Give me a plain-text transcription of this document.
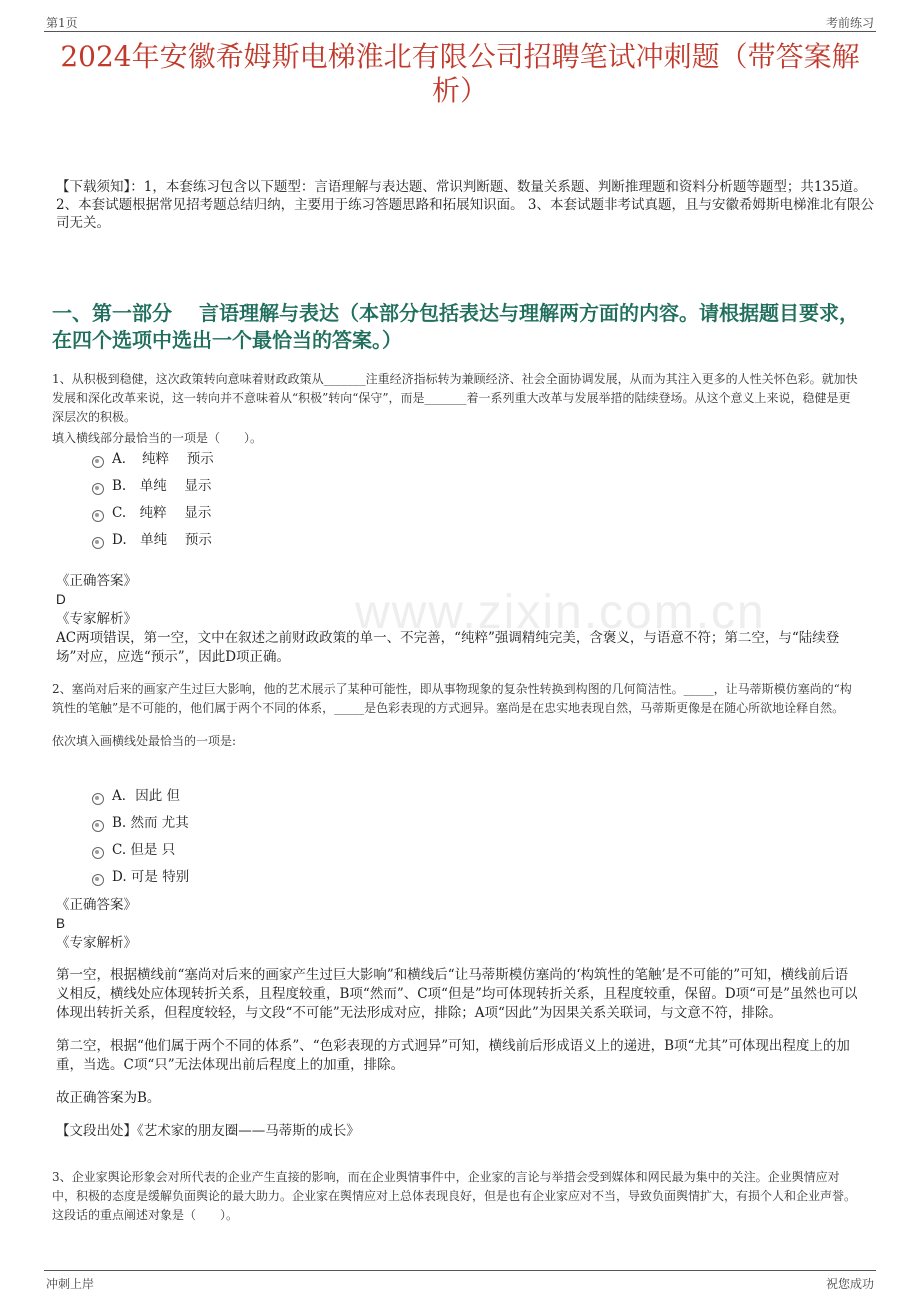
第1页	考前练习
2024年安徽希姆斯电梯淮北有限公司招聘笔试冲刺题（带答案解析）

【下载须知】：1，本套练习包含以下题型：言语理解与表达题、常识判断题、数量关系题、判断推理题和资料分析题等题型；共135道。 2、本套试题根据常见招考题总结归纳，主要用于练习答题思路和拓展知识面。 3、本套试题非考试真题，且与安徽希姆斯电梯淮北有限公司无关。

一、第一部分　 言语理解与表达（本部分包括表达与理解两方面的内容。请根据题目要求，在四个选项中选出一个最恰当的答案。）
www.zixin.com.cn

1、从积极到稳健，这次政策转向意味着财政政策从_______注重经济指标转为兼顾经济、社会全面协调发展，从而为其注入更多的人性关怀色彩。就加快发展和深化改革来说，这一转向并不意味着从“积极”转向“保守”，而是_______着一系列重大改革与发展举措的陆续登场。从这个意义上来说，稳健是更深层次的积极。

填入横线部分最恰当的一项是（　　）。

A．　纯粹　 预示
B.　单纯　 显示
C.　纯粹　 显示
D.　单纯　 预示

《正确答案》

D

《专家解析》

AC两项错误，第一空，文中在叙述之前财政政策的单一、不完善，“纯粹”强调精纯完美，含褒义，与语意不符；第二空，与“陆续登场”对应，应选“预示”，因此D项正确。

2、塞尚对后来的画家产生过巨大影响，他的艺术展示了某种可能性，即从事物现象的复杂性转换到构图的几何简洁性。_____，让马蒂斯模仿塞尚的“构筑性的笔触”是不可能的，他们属于两个不同的体系，_____是色彩表现的方式迥异。塞尚是在忠实地表现自然，马蒂斯更像是在随心所欲地诠释自然。

依次填入画横线处最恰当的一项是:

A．因此 但
B. 然而 尤其
C. 但是 只
D. 可是 特别

《正确答案》

B

《专家解析》

第一空，根据横线前“塞尚对后来的画家产生过巨大影响”和横线后“让马蒂斯模仿塞尚的‘构筑性的笔触’是不可能的”可知，横线前后语义相反，横线处应体现转折关系，且程度较重，B项“然而”、C项“但是”均可体现转折关系，且程度较重，保留。D项“可是”虽然也可以体现出转折关系，但程度较轻，与文段“不可能”无法形成对应，排除；A项“因此”为因果关系关联词，与文意不符，排除。

第二空，根据“他们属于两个不同的体系”、“色彩表现的方式迥异”可知，横线前后形成语义上的递进，B项“尤其”可体现出程度上的加重，当选。C项“只”无法体现出前后程度上的加重，排除。

故正确答案为B。

【文段出处】《艺术家的朋友圈——马蒂斯的成长》

3、企业家舆论形象会对所代表的企业产生直接的影响，而在企业舆情事件中，企业家的言论与举措会受到媒体和网民最为集中的关注。企业舆情应对中，积极的态度是缓解负面舆论的最大助力。企业家在舆情应对上总体表现良好，但是也有企业家应对不当，导致负面舆情扩大，有损个人和企业声誉。

这段话的重点阐述对象是（　　）。

冲刺上岸	祝您成功
